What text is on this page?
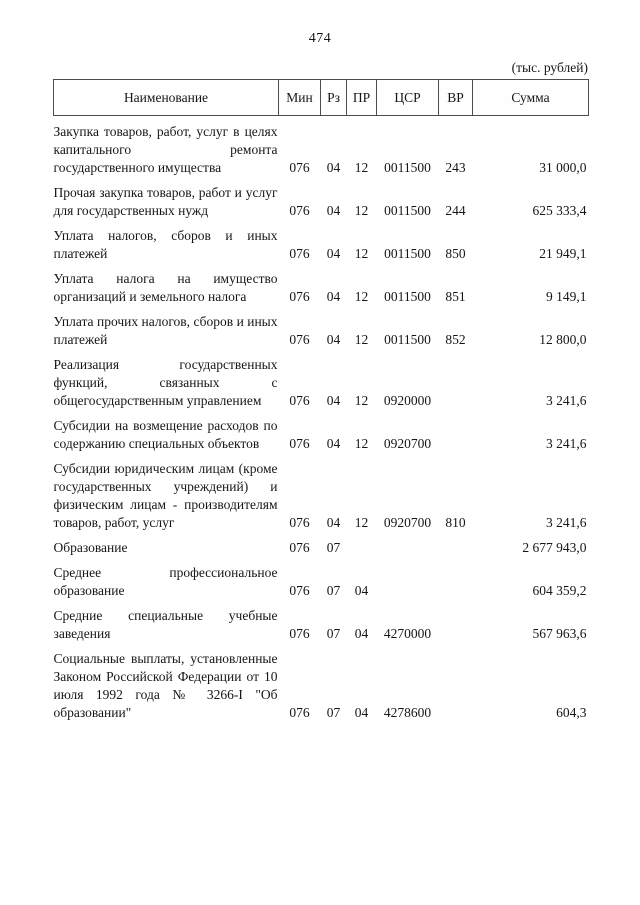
474
(тыс. рублей)
Наименование	Мин	Рз	ПР	ЦСР	ВР	Сумма
Закупка товаров, работ, услуг в целях капитального ремонта государственного имущества	076	04	12	0011500	243	31 000,0
Прочая закупка товаров, работ и услуг для государственных нужд	076	04	12	0011500	244	625 333,4
Уплата налогов, сборов и иных платежей	076	04	12	0011500	850	21 949,1
Уплата налога на имущество организаций и земельного налога	076	04	12	0011500	851	9 149,1
Уплата прочих налогов, сборов и иных платежей	076	04	12	0011500	852	12 800,0
Реализация государственных функций, связанных с общегосударственным управлением	076	04	12	0920000		3 241,6
Субсидии на возмещение расходов по содержанию специальных объектов	076	04	12	0920700		3 241,6
Субсидии юридическим лицам (кроме государственных учреждений) и физическим лицам - производителям товаров, работ, услуг	076	04	12	0920700	810	3 241,6
Образование	076	07				2 677 943,0
Среднее профессиональное образование	076	07	04			604 359,2
Средние специальные учебные заведения	076	07	04	4270000		567 963,6
Социальные выплаты, установленные Законом Российской Федерации от 10 июля 1992 года № 3266-I "Об образовании"	076	07	04	4278600		604,3
